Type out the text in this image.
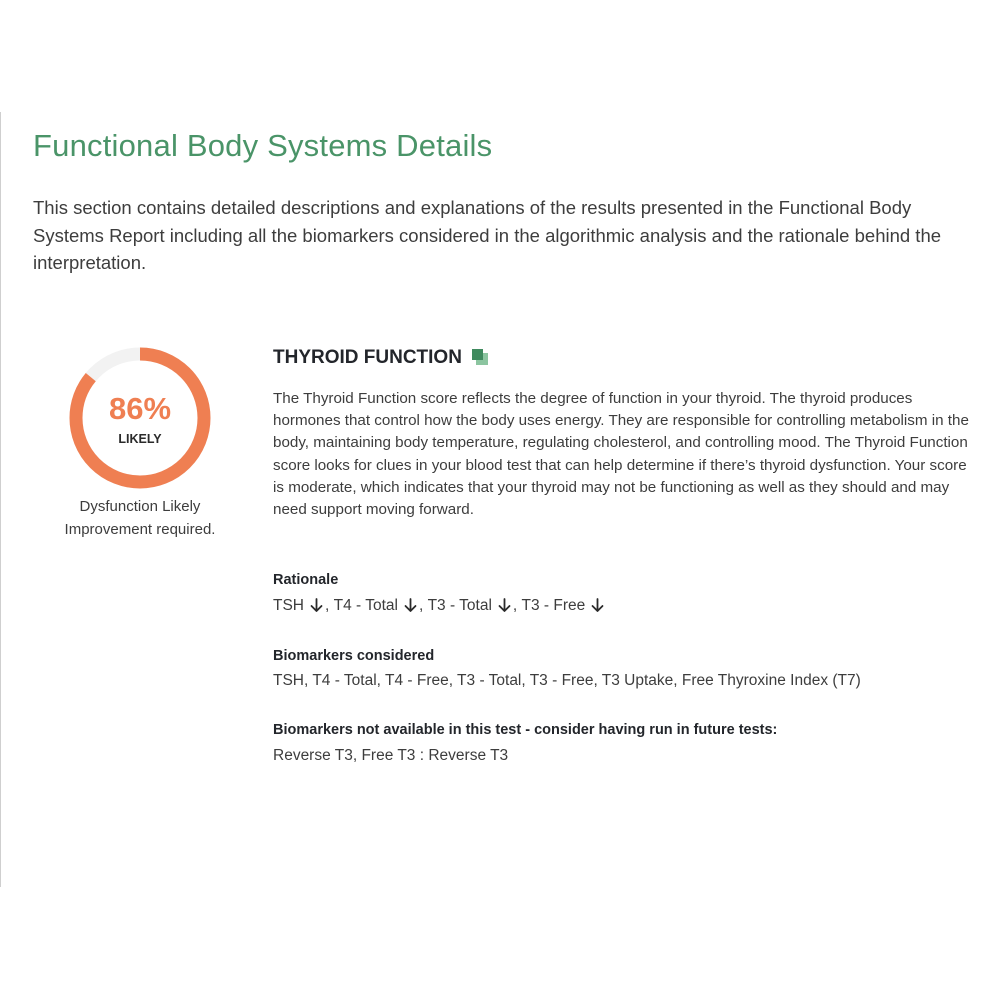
Functional Body Systems Details

This section contains detailed descriptions and explanations of the results presented in the Functional Body Systems Report including all the biomarkers considered in the algorithmic analysis and the rationale behind the interpretation.

86%
LIKELY
Dysfunction Likely
Improvement required.
THYROID FUNCTION

The Thyroid Function score reflects the degree of function in your thyroid. The thyroid produces hormones that control how the body uses energy. They are responsible for controlling metabolism in the body, maintaining body temperature, regulating cholesterol, and controlling mood. The Thyroid Function score looks for clues in your blood test that can help determine if there’s thyroid dysfunction. Your score is moderate, which indicates that your thyroid may not be functioning as well as they should and may need support moving forward.

Rationale
TSH , T4 - Total , T3 - Total , T3 - Free
Biomarkers considered
TSH, T4 - Total, T4 - Free, T3 - Total, T3 - Free, T3 Uptake, Free Thyroxine Index (T7)
Biomarkers not available in this test - consider having run in future tests:
Reverse T3, Free T3 : Reverse T3
